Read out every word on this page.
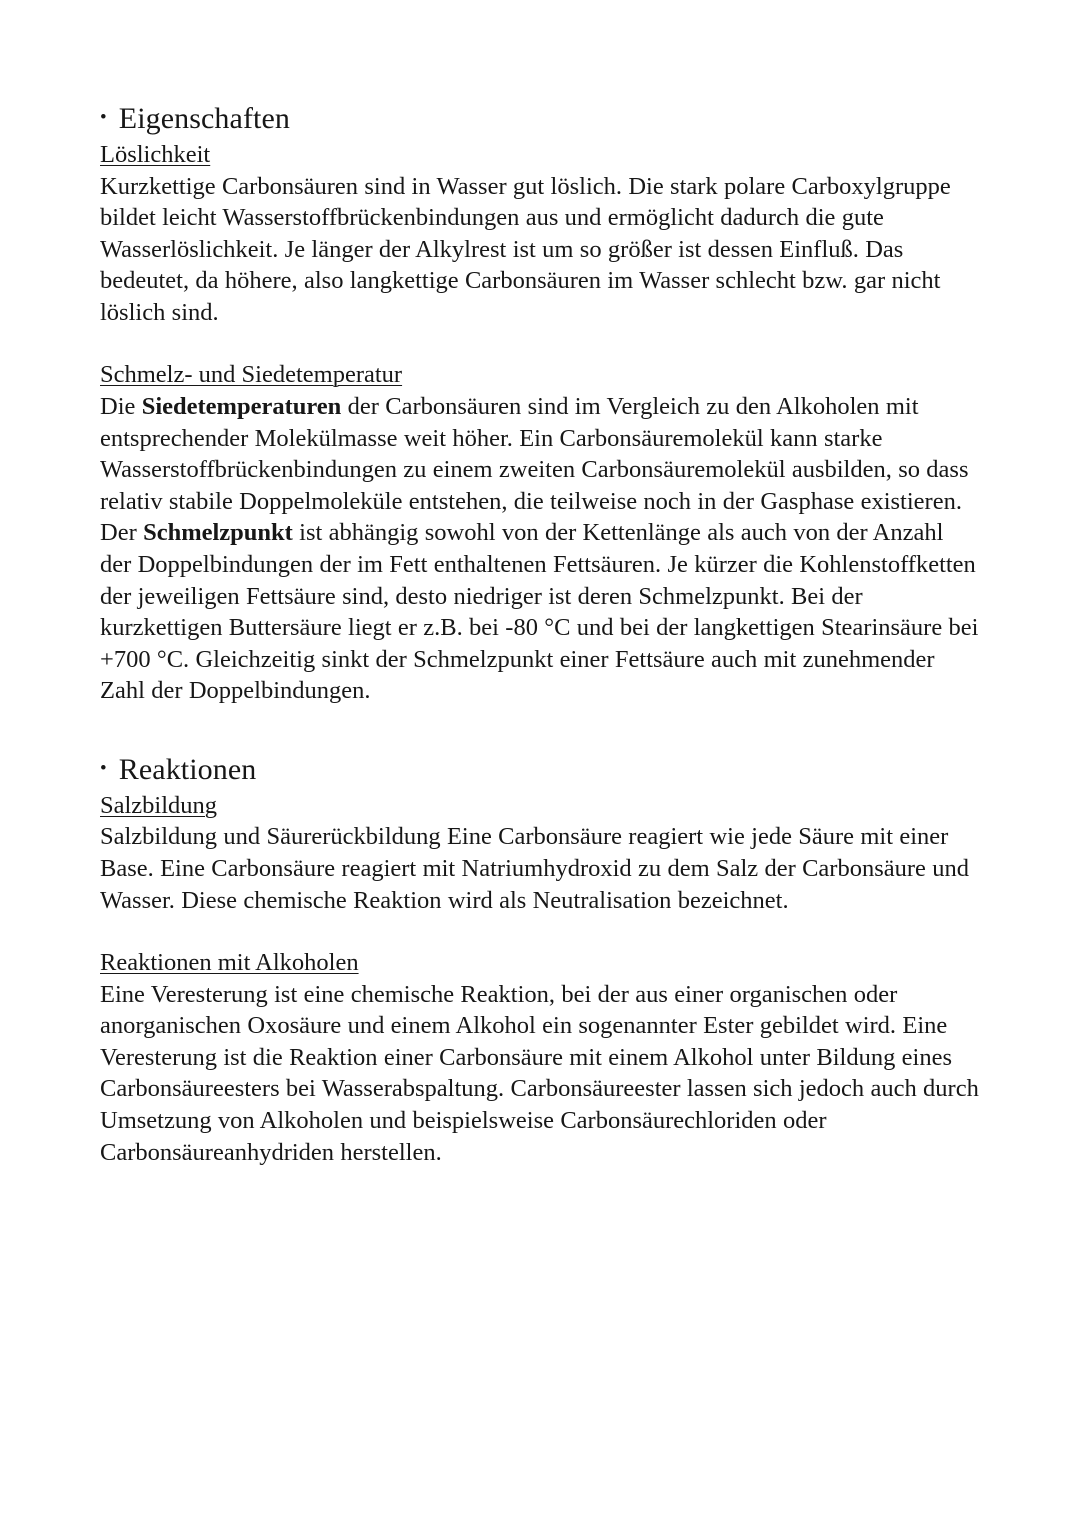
• Eigenschaften
Löslichkeit

Kurzkettige Carbonsäuren sind in Wasser gut löslich. Die stark polare Carboxylgruppe bildet leicht Wasserstoffbrückenbindungen aus und ermöglicht dadurch die gute Wasserlöslichkeit. Je länger der Alkylrest ist um so größer ist dessen Einfluß. Das bedeutet, da höhere, also langkettige Carbonsäuren im Wasser schlecht bzw. gar nicht löslich sind.

Schmelz- und Siedetemperatur

Die Siedetemperaturen der Carbonsäuren sind im Vergleich zu den Alkoholen mit entsprechender Molekülmasse weit höher. Ein Carbonsäuremolekül kann starke Wasserstoffbrückenbindungen zu einem zweiten Carbonsäuremolekül ausbilden, so dass relativ stabile Doppelmoleküle entstehen, die teilweise noch in der Gasphase existieren.

Der Schmelzpunkt ist abhängig sowohl von der Kettenlänge als auch von der Anzahl der Doppelbindungen der im Fett enthaltenen Fettsäuren. Je kürzer die Kohlenstoffketten der jeweiligen Fettsäure sind, desto niedriger ist deren Schmelzpunkt. Bei der kurzkettigen Buttersäure liegt er z.B. bei -80 °C und bei der langkettigen Stearinsäure bei +700 °C. Gleichzeitig sinkt der Schmelzpunkt einer Fettsäure auch mit zunehmender Zahl der Doppelbindungen.

• Reaktionen
Salzbildung

Salzbildung und Säurerückbildung Eine Carbonsäure reagiert wie jede Säure mit einer Base. Eine Carbonsäure reagiert mit Natriumhydroxid zu dem Salz der Carbonsäure und Wasser. Diese chemische Reaktion wird als Neutralisation bezeichnet.

Reaktionen mit Alkoholen

Eine Veresterung ist eine chemische Reaktion, bei der aus einer organischen oder anorganischen Oxosäure und einem Alkohol ein sogenannter Ester gebildet wird. Eine Veresterung ist die Reaktion einer Carbonsäure mit einem Alkohol unter Bildung eines Carbonsäureesters bei Wasserabspaltung. Carbonsäureester lassen sich jedoch auch durch Umsetzung von Alkoholen und beispielsweise Carbonsäurechloriden oder Carbonsäureanhydriden herstellen.
